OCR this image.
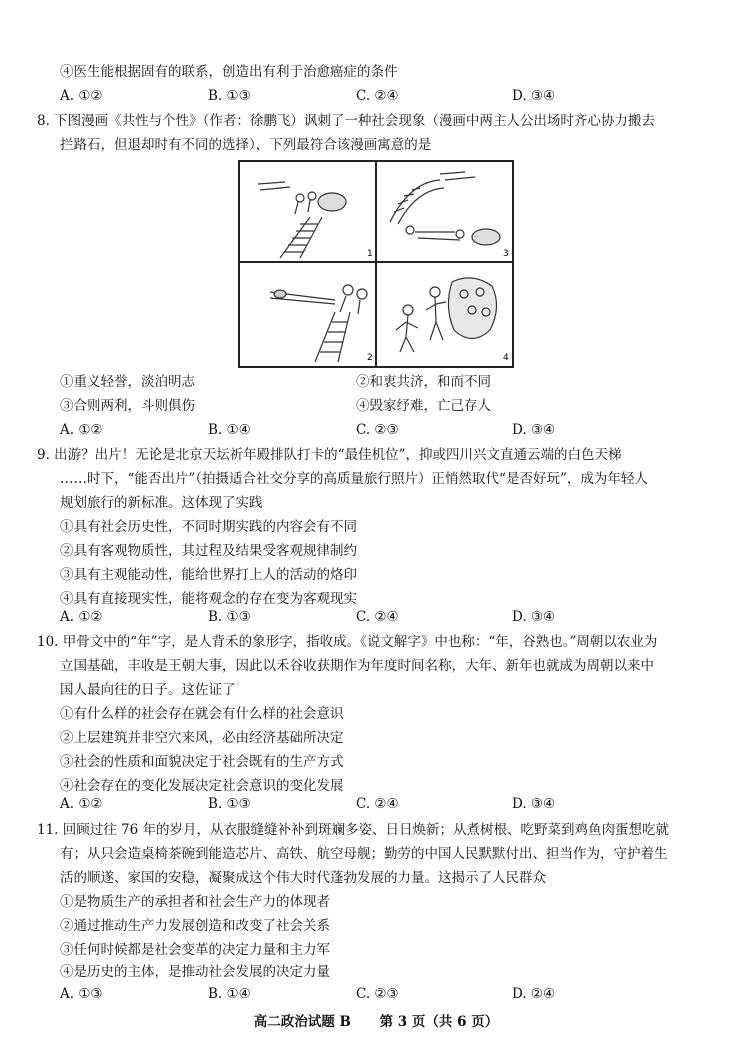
④医生能根据固有的联系，创造出有利于治愈癌症的条件
A. ①②	B. ①③	C. ②④	D. ③④
8. 下图漫画《共性与个性》（作者：徐鹏飞）讽刺了一种社会现象（漫画中两主人公出场时齐心协力搬去
拦路石，但退却时有不同的选择），下列最符合该漫画寓意的是
1
2
3
4
①重义轻誉，淡泊明志	②和衷共济，和而不同
③合则两利，斗则俱伤	④毁家纾难，亡己存人
A. ①②	B. ①④	C. ②③	D. ③④
9. 出游？出片！无论是北京天坛祈年殿排队打卡的“最佳机位”，抑或四川兴文直通云端的白色天梯
……时下，“能否出片”（拍摄适合社交分享的高质量旅行照片）正悄然取代“是否好玩”，成为年轻人
规划旅行的新标准。这体现了实践
①具有社会历史性，不同时期实践的内容会有不同
②具有客观物质性，其过程及结果受客观规律制约
③具有主观能动性，能给世界打上人的活动的烙印
④具有直接现实性，能将观念的存在变为客观现实
A. ①②	B. ①③	C. ②④	D. ③④
10. 甲骨文中的“年”字，是人背禾的象形字，指收成。《说文解字》中也称：“年，谷熟也。”周朝以农业为
立国基础，丰收是王朝大事，因此以禾谷收获期作为年度时间名称，大年、新年也就成为周朝以来中
国人最向往的日子。这佐证了
①有什么样的社会存在就会有什么样的社会意识
②上层建筑并非空穴来风，必由经济基础所决定
③社会的性质和面貌决定于社会既有的生产方式
④社会存在的变化发展决定社会意识的变化发展
A. ①②	B. ①③	C. ②④	D. ③④
11. 回顾过往 76 年的岁月，从衣服缝缝补补到斑斓多姿、日日焕新；从煮树根、吃野菜到鸡鱼肉蛋想吃就
有；从只会造桌椅茶碗到能造芯片、高铁、航空母舰；勤劳的中国人民默默付出、担当作为，守护着生
活的顺遂、家国的安稳，凝聚成这个伟大时代蓬勃发展的力量。这揭示了人民群众
①是物质生产的承担者和社会生产力的体现者
②通过推动生产力发展创造和改变了社会关系
③任何时候都是社会变革的决定力量和主力军
④是历史的主体，是推动社会发展的决定力量
A. ①③	B. ①④	C. ②③	D. ②④
高二政治试题 B 第 3 页（共 6 页）
